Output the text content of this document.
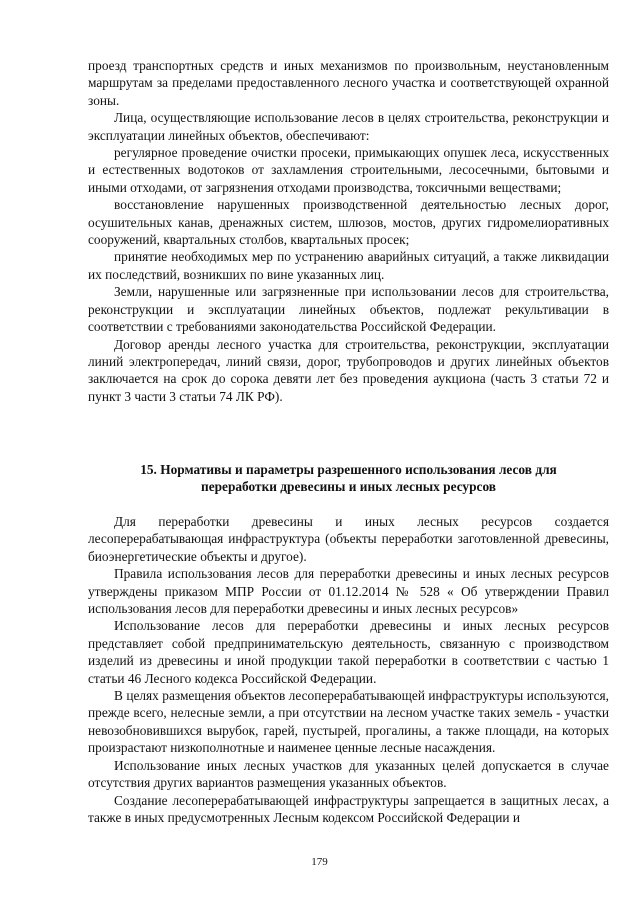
проезд транспортных средств и иных механизмов по произвольным, неустановленным маршрутам за пределами предоставленного лесного участка и соответствующей охранной зоны.

Лица, осуществляющие использование лесов в целях строительства, реконструкции и эксплуатации линейных объектов, обеспечивают:

регулярное проведение очистки просеки, примыкающих опушек леса, искусственных и естественных водотоков от захламления строительными, лесосечными, бытовыми и иными отходами, от загрязнения отходами производства, токсичными веществами;

восстановление нарушенных производственной деятельностью лесных дорог, осушительных канав, дренажных систем, шлюзов, мостов, других гидромелиоративных сооружений, квартальных столбов, квартальных просек;

принятие необходимых мер по устранению аварийных ситуаций, а также ликвидации их последствий, возникших по вине указанных лиц.

Земли, нарушенные или загрязненные при использовании лесов для строительства, реконструкции и эксплуатации линейных объектов, подлежат рекультивации в соответствии с требованиями законодательства Российской Федерации.

Договор аренды лесного участка для строительства, реконструкции, эксплуатации линий электропередач, линий связи, дорог, трубопроводов и других линейных объектов заключается на срок до сорока девяти лет без проведения аукциона (часть 3 статьи 72 и пункт 3 части 3 статьи 74 ЛК РФ).

15. Нормативы и параметры разрешенного использования лесов для переработки древесины и иных лесных ресурсов

Для переработки древесины и иных лесных ресурсов создается лесоперерабатывающая инфраструктура (объекты переработки заготовленной древесины, биоэнергетические объекты и другое).

Правила использования лесов для переработки древесины и иных лесных ресурсов утверждены приказом МПР России от 01.12.2014 № 528 « Об утверждении Правил использования лесов для переработки древесины и иных лесных ресурсов»

Использование лесов для переработки древесины и иных лесных ресурсов представляет собой предпринимательскую деятельность, связанную с производством изделий из древесины и иной продукции такой переработки в соответствии с частью 1 статьи 46 Лесного кодекса Российской Федерации.

В целях размещения объектов лесоперерабатывающей инфраструктуры используются, прежде всего, нелесные земли, а при отсутствии на лесном участке таких земель - участки невозобновившихся вырубок, гарей, пустырей, прогалины, а также площади, на которых произрастают низкополнотные и наименее ценные лесные насаждения.

Использование иных лесных участков для указанных целей допускается в случае отсутствия других вариантов размещения указанных объектов.

Создание лесоперерабатывающей инфраструктуры запрещается в защитных лесах, а также в иных предусмотренных Лесным кодексом Российской Федерации и

179
